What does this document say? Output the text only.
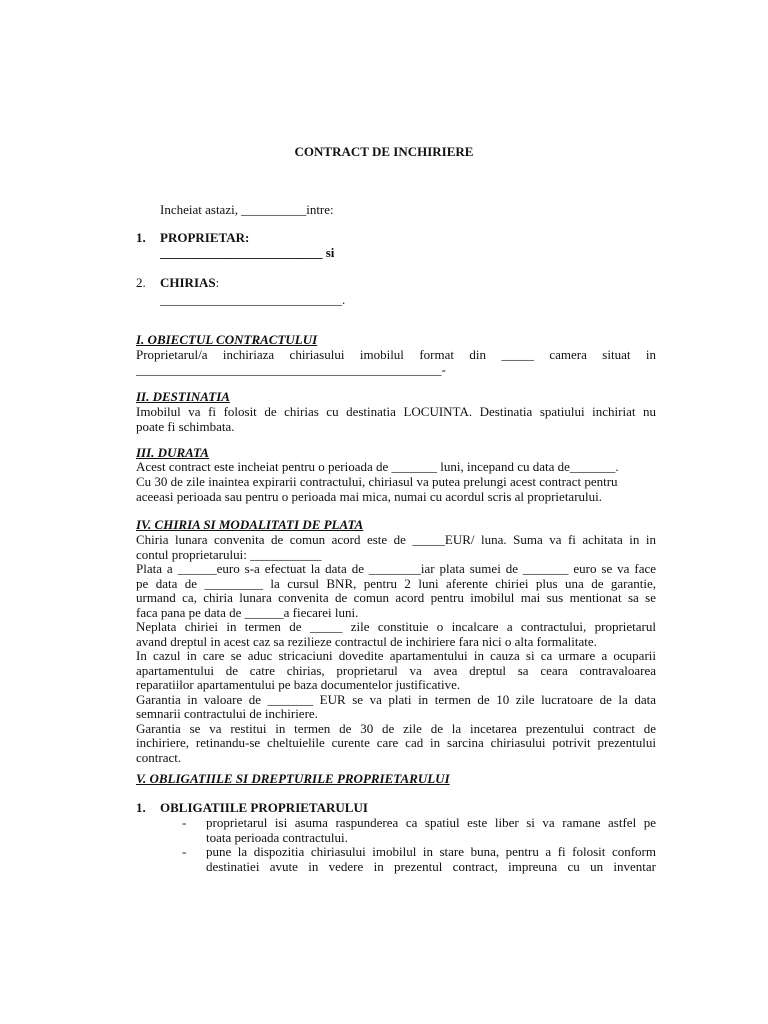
CONTRACT DE INCHIRIERE
Incheiat astazi, __________intre:
1. PROPRIETAR:
_________________________ si
2. CHIRIAS:
____________________________.
I. OBIECTUL CONTRACTULUI
Proprietarul/a inchiriaza chiriasului imobilul format din _____ camera situat in
_______________________________________________-
II. DESTINATIA
Imobilul va fi folosit de chirias cu destinatia LOCUINTA. Destinatia spatiului inchiriat nu
poate fi schimbata.
III. DURATA
Acest contract este incheiat pentru o perioada de _______ luni, incepand cu data de_______.
Cu 30 de zile inaintea expirarii contractului, chiriasul va putea prelungi acest contract pentru
aceeasi perioada sau pentru o perioada mai mica, numai cu acordul scris al proprietarului.
IV. CHIRIA SI MODALITATI DE PLATA
Chiria lunara convenita de comun acord este de _____EUR/ luna. Suma va fi achitata in in
contul proprietarului: ___________
Plata a ______euro s-a efectuat la data de ________iar plata sumei de _______ euro se va face
pe data de _________ la cursul BNR, pentru 2 luni aferente chiriei plus una de garantie,
urmand ca, chiria lunara convenita de comun acord pentru imobilul mai sus mentionat sa se
faca pana pe data de ______a fiecarei luni.
Neplata chiriei in termen de _____ zile constituie o incalcare a contractului, proprietarul
avand dreptul in acest caz sa rezilieze contractul de inchiriere fara nici o alta formalitate.
In cazul in care se aduc stricaciuni dovedite apartamentului in cauza si ca urmare a ocuparii
apartamentului de catre chirias, proprietarul va avea dreptul sa ceara contravaloarea
reparatiilor apartamentului pe baza documentelor justificative.
Garantia in valoare de _______ EUR se va plati in termen de 10 zile lucratoare de la data
semnarii contractului de inchiriere.
Garantia se va restitui in termen de 30 de zile de la incetarea prezentului contract de
inchiriere, retinandu-se cheltuielile curente care cad in sarcina chiriasului potrivit prezentului
contract.
V. OBLIGATIILE SI DREPTURILE PROPRIETARULUI
1. OBLIGATIILE PROPRIETARULUI
-	proprietarul isi asuma raspunderea ca spatiul este liber si va ramane astfel pe
toata perioada contractului.
-	pune la dispozitia chiriasului imobilul in stare buna, pentru a fi folosit conform
destinatiei avute in vedere in prezentul contract, impreuna cu un inventar
